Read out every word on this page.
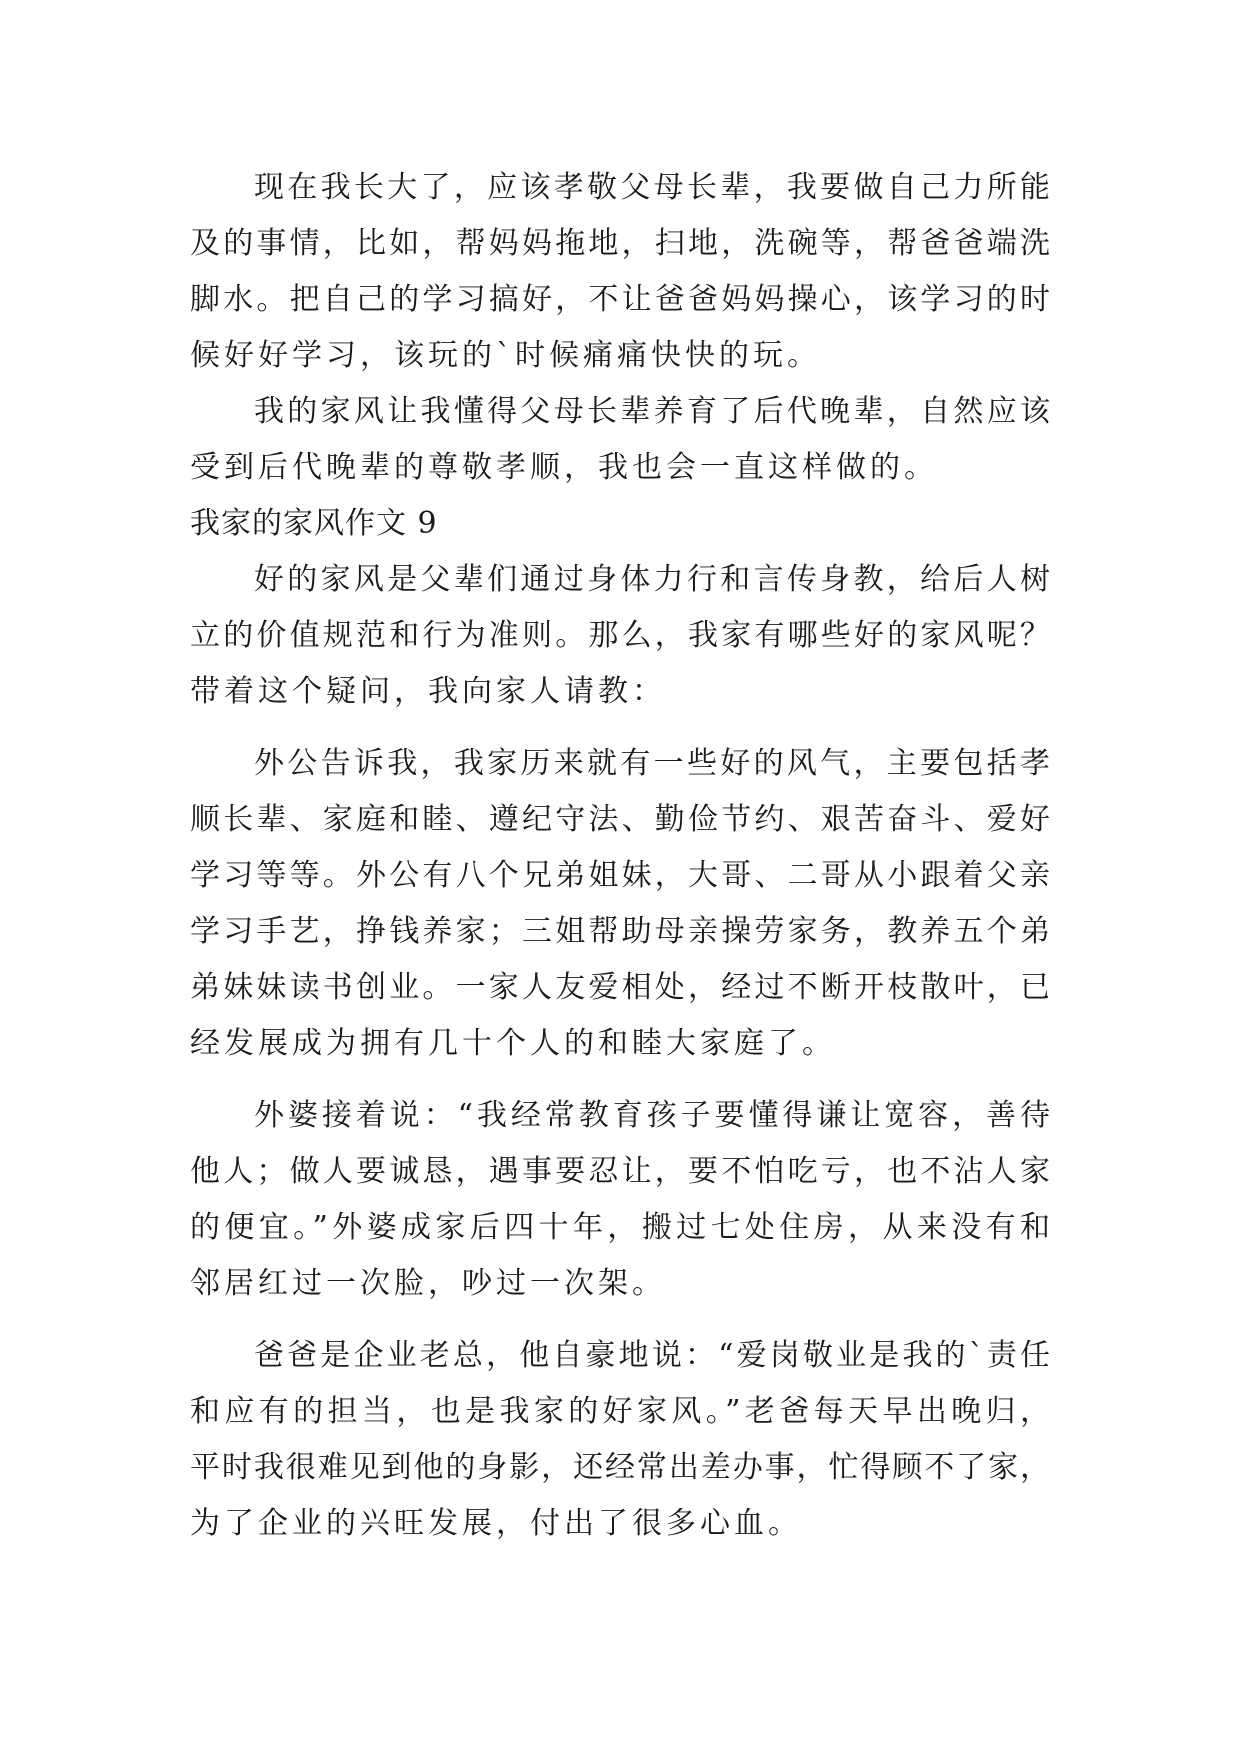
现在我长大了，应该孝敬父母长辈，我要做自己力所能
及的事情，比如，帮妈妈拖地，扫地，洗碗等，帮爸爸端洗
脚水。把自己的学习搞好，不让爸爸妈妈操心，该学习的时
候好好学习，该玩的`时候痛痛快快的玩。
我的家风让我懂得父母长辈养育了后代晚辈，自然应该
受到后代晚辈的尊敬孝顺，我也会一直这样做的。
我家的家风作文 9
好的家风是父辈们通过身体力行和言传身教，给后人树
立的价值规范和行为准则。那么，我家有哪些好的家风呢？
带着这个疑问，我向家人请教：
外公告诉我，我家历来就有一些好的风气，主要包括孝
顺长辈、家庭和睦、遵纪守法、勤俭节约、艰苦奋斗、爱好
学习等等。外公有八个兄弟姐妹，大哥、二哥从小跟着父亲
学习手艺，挣钱养家；三姐帮助母亲操劳家务，教养五个弟
弟妹妹读书创业。一家人友爱相处，经过不断开枝散叶，已
经发展成为拥有几十个人的和睦大家庭了。
外婆接着说：“我经常教育孩子要懂得谦让宽容，善待
他人；做人要诚恳，遇事要忍让，要不怕吃亏，也不沾人家
的便宜。”外婆成家后四十年，搬过七处住房，从来没有和
邻居红过一次脸，吵过一次架。
爸爸是企业老总，他自豪地说：“爱岗敬业是我的`责任
和应有的担当，也是我家的好家风。”老爸每天早出晚归，
平时我很难见到他的身影，还经常出差办事，忙得顾不了家，
为了企业的兴旺发展，付出了很多心血。
